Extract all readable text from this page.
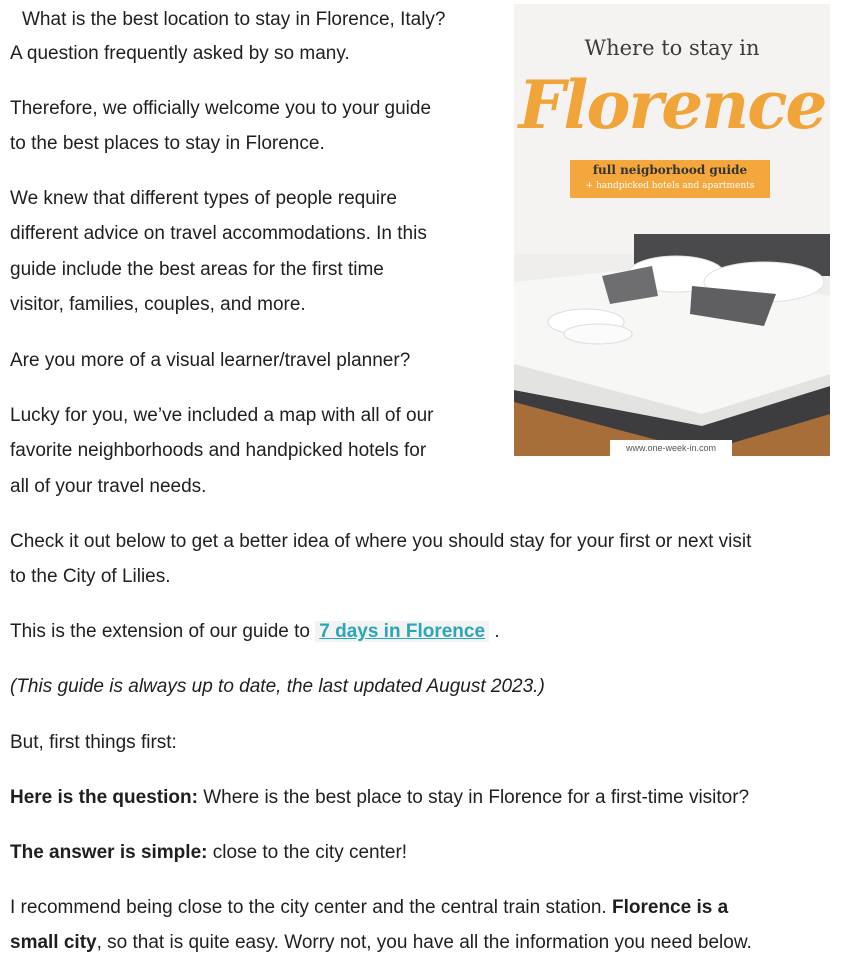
What is the best location to stay in Florence, Italy?

A question frequently asked by so many.

Therefore, we officially welcome you to your guide

to the best places to stay in Florence.

We knew that different types of people require

different advice on travel accommodations. In this

guide include the best areas for the first time

visitor, families, couples, and more.

Are you more of a visual learner/travel planner?

Lucky for you, we’ve included a map with all of our

favorite neighborhoods and handpicked hotels for

all of your travel needs.

Check it out below to get a better idea of where you should stay for your first or next visit

to the City of Lilies.

This is the extension of our guide to 7 days in Florence .

(This guide is always up to date, the last updated August 2023.)

But, first things first:

Here is the question: Where is the best place to stay in Florence for a first-time visitor?

The answer is simple: close to the city center!

I recommend being close to the city center and the central train station. Florence is a

small city, so that is quite easy. Worry not, you have all the information you need below.

Where to stay in
Florence
full neigborhood guide
+ handpicked hotels and apartments
www.one-week-in.com
